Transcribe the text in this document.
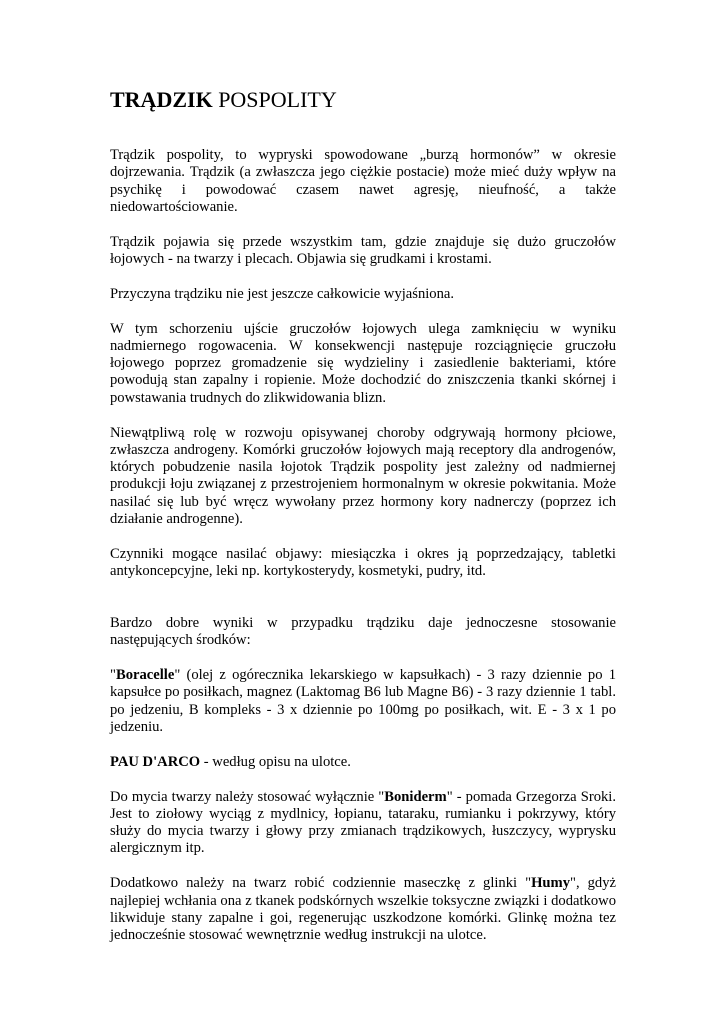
TRĄDZIK POSPOLITY

Trądzik pospolity, to wypryski spowodowane „burzą hormonów” w okresie dojrzewania. Trądzik (a zwłaszcza jego ciężkie postacie) może mieć duży wpływ na psychikę i powodować czasem nawet agresję, nieufność, a także niedowartościowanie.

Trądzik pojawia się przede wszystkim tam, gdzie znajduje się dużo gruczołów łojowych - na twarzy i plecach. Objawia się grudkami i krostami.

Przyczyna trądziku nie jest jeszcze całkowicie wyjaśniona.

W tym schorzeniu ujście gruczołów łojowych ulega zamknięciu w wyniku nadmiernego rogowacenia. W konsekwencji następuje rozciągnięcie gruczołu łojowego poprzez gromadzenie się wydzieliny i zasiedlenie bakteriami, które powodują stan zapalny i ropienie. Może dochodzić do zniszczenia tkanki skórnej i powstawania trudnych do zlikwidowania blizn.

Niewątpliwą rolę w rozwoju opisywanej choroby odgrywają hormony płciowe, zwłaszcza androgeny. Komórki gruczołów łojowych mają receptory dla androgenów, których pobudzenie nasila łojotok Trądzik pospolity jest zależny od nadmiernej produkcji łoju związanej z przestrojeniem hormonalnym w okresie pokwitania. Może nasilać się lub być wręcz wywołany przez hormony kory nadnerczy (poprzez ich działanie androgenne).

Czynniki mogące nasilać objawy: miesiączka i okres ją poprzedzający, tabletki antykoncepcyjne, leki np. kortykosterydy, kosmetyki, pudry, itd.

Bardzo dobre wyniki w przypadku trądziku daje jednoczesne stosowanie następujących środków:

"Boracelle" (olej z ogórecznika lekarskiego w kapsułkach) - 3 razy dziennie po 1 kapsułce po posiłkach, magnez (Laktomag B6 lub Magne B6) - 3 razy dziennie 1 tabl. po jedzeniu, B kompleks - 3 x dziennie po 100mg po posiłkach, wit. E - 3 x 1 po jedzeniu.

PAU D'ARCO - według opisu na ulotce.

Do mycia twarzy należy stosować wyłącznie "Boniderm" - pomada Grzegorza Sroki. Jest to ziołowy wyciąg z mydlnicy, łopianu, tataraku, rumianku i pokrzywy, który służy do mycia twarzy i głowy przy zmianach trądzikowych, łuszczycy, wyprysku alergicznym itp.

Dodatkowo należy na twarz robić codziennie maseczkę z glinki "Humy", gdyż najlepiej wchłania ona z tkanek podskórnych wszelkie toksyczne związki i dodatkowo likwiduje stany zapalne i goi, regenerując uszkodzone komórki. Glinkę można tez jednocześnie stosować wewnętrznie według instrukcji na ulotce.
